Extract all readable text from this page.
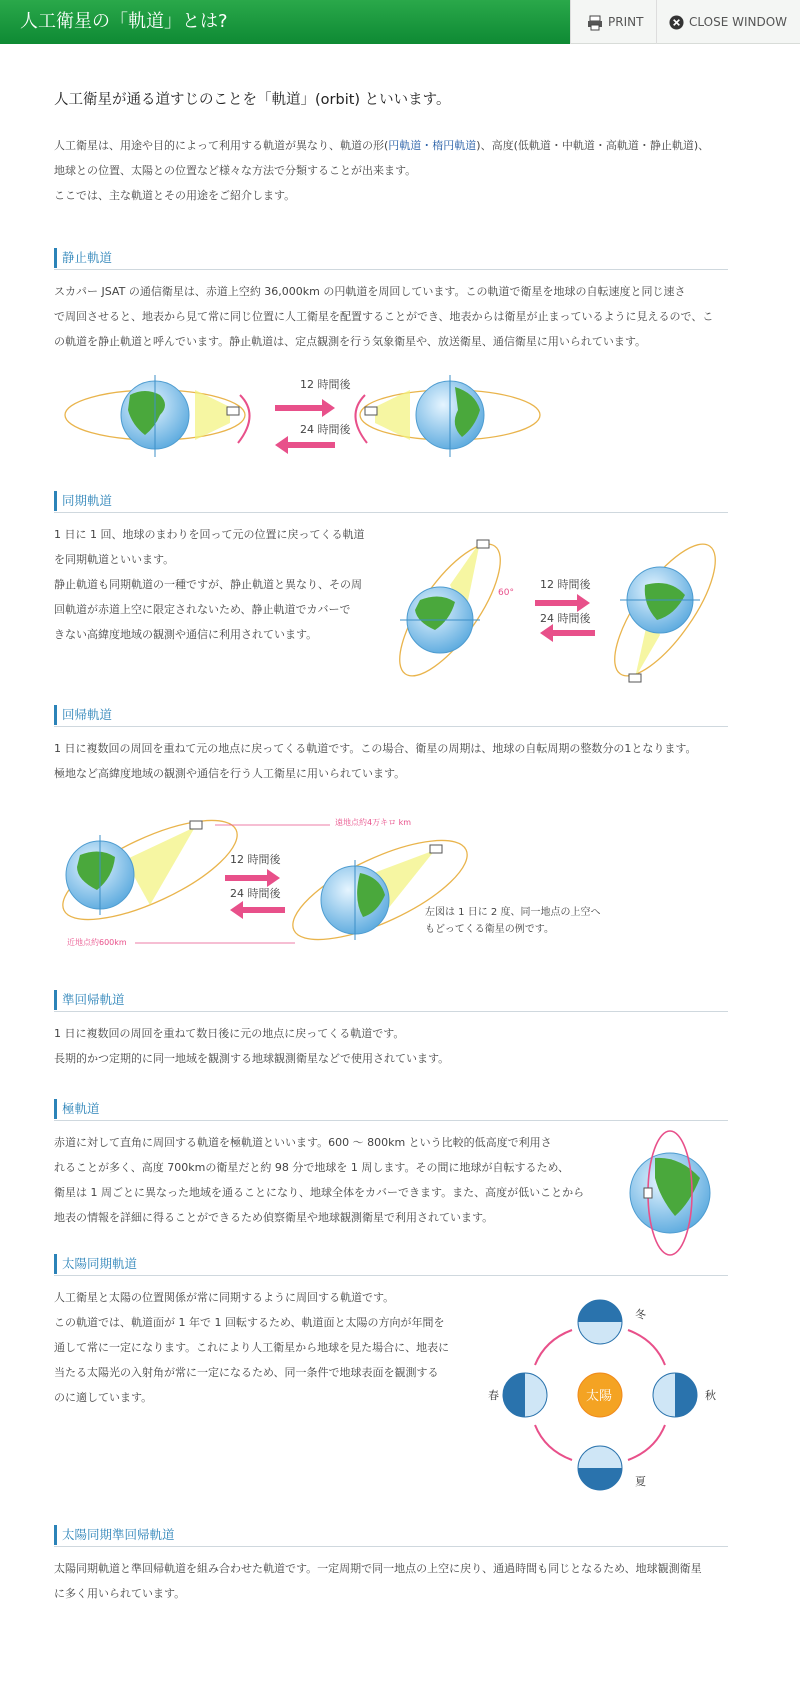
人工衛星の「軌道」とは?	PRINT	CLOSE WINDOW
人工衛星が通る道すじのことを「軌道」(orbit) といいます。
人工衛星は、用途や目的によって利用する軌道が異なり、軌道の形(円軌道・楕円軌道)、高度(低軌道・中軌道・高軌道・静止軌道)、
地球との位置、太陽との位置など様々な方法で分類することが出来ます。
ここでは、主な軌道とその用途をご紹介します。
静止軌道
スカパー JSAT の通信衛星は、赤道上空約 36,000km の円軌道を周回しています。この軌道で衛星を地球の自転速度と同じ速さ
で周回させると、地表から見て常に同じ位置に人工衛星を配置することができ、地表からは衛星が止まっているように見えるので、こ
の軌道を静止軌道と呼んでいます。静止軌道は、定点観測を行う気象衛星や、放送衛星、通信衛星に用いられています。
12 時間後
24 時間後
同期軌道
1 日に 1 回、地球のまわりを回って元の位置に戻ってくる軌道
を同期軌道といいます。
静止軌道も同期軌道の一種ですが、静止軌道と異なり、その周
回軌道が赤道上空に限定されないため、静止軌道でカバーで
きない高緯度地域の観測や通信に利用されています。
60°
12 時間後
24 時間後
回帰軌道
1 日に複数回の周回を重ねて元の地点に戻ってくる軌道です。この場合、衛星の周期は、地球の自転周期の整数分の1となります。
極地など高緯度地域の観測や通信を行う人工衛星に用いられています。
遠地点約4万キロ km
近地点約600km
12 時間後
24 時間後
左図は 1 日に 2 度、同一地点の上空へ
もどってくる衛星の例です。
準回帰軌道
1 日に複数回の周回を重ねて数日後に元の地点に戻ってくる軌道です。
長期的かつ定期的に同一地域を観測する地球観測衛星などで使用されています。
極軌道
赤道に対して直角に周回する軌道を極軌道といいます。600 〜 800km という比較的低高度で利用さ
れることが多く、高度 700kmの衛星だと約 98 分で地球を 1 周します。その間に地球が自転するため、
衛星は 1 周ごとに異なった地域を通ることになり、地球全体をカバーできます。また、高度が低いことから
地表の情報を詳細に得ることができるため偵察衛星や地球観測衛星で利用されています。
太陽同期軌道
人工衛星と太陽の位置関係が常に同期するように周回する軌道です。
この軌道では、軌道面が 1 年で 1 回転するため、軌道面と太陽の方向が年間を
通して常に一定になります。これにより人工衛星から地球を見た場合に、地表に
当たる太陽光の入射角が常に一定になるため、同一条件で地球表面を観測する
のに適しています。	太陽
冬
春	秋
夏
太陽同期準回帰軌道
太陽同期軌道と準回帰軌道を組み合わせた軌道です。一定周期で同一地点の上空に戻り、通過時間も同じとなるため、地球観測衛星
に多く用いられています。
